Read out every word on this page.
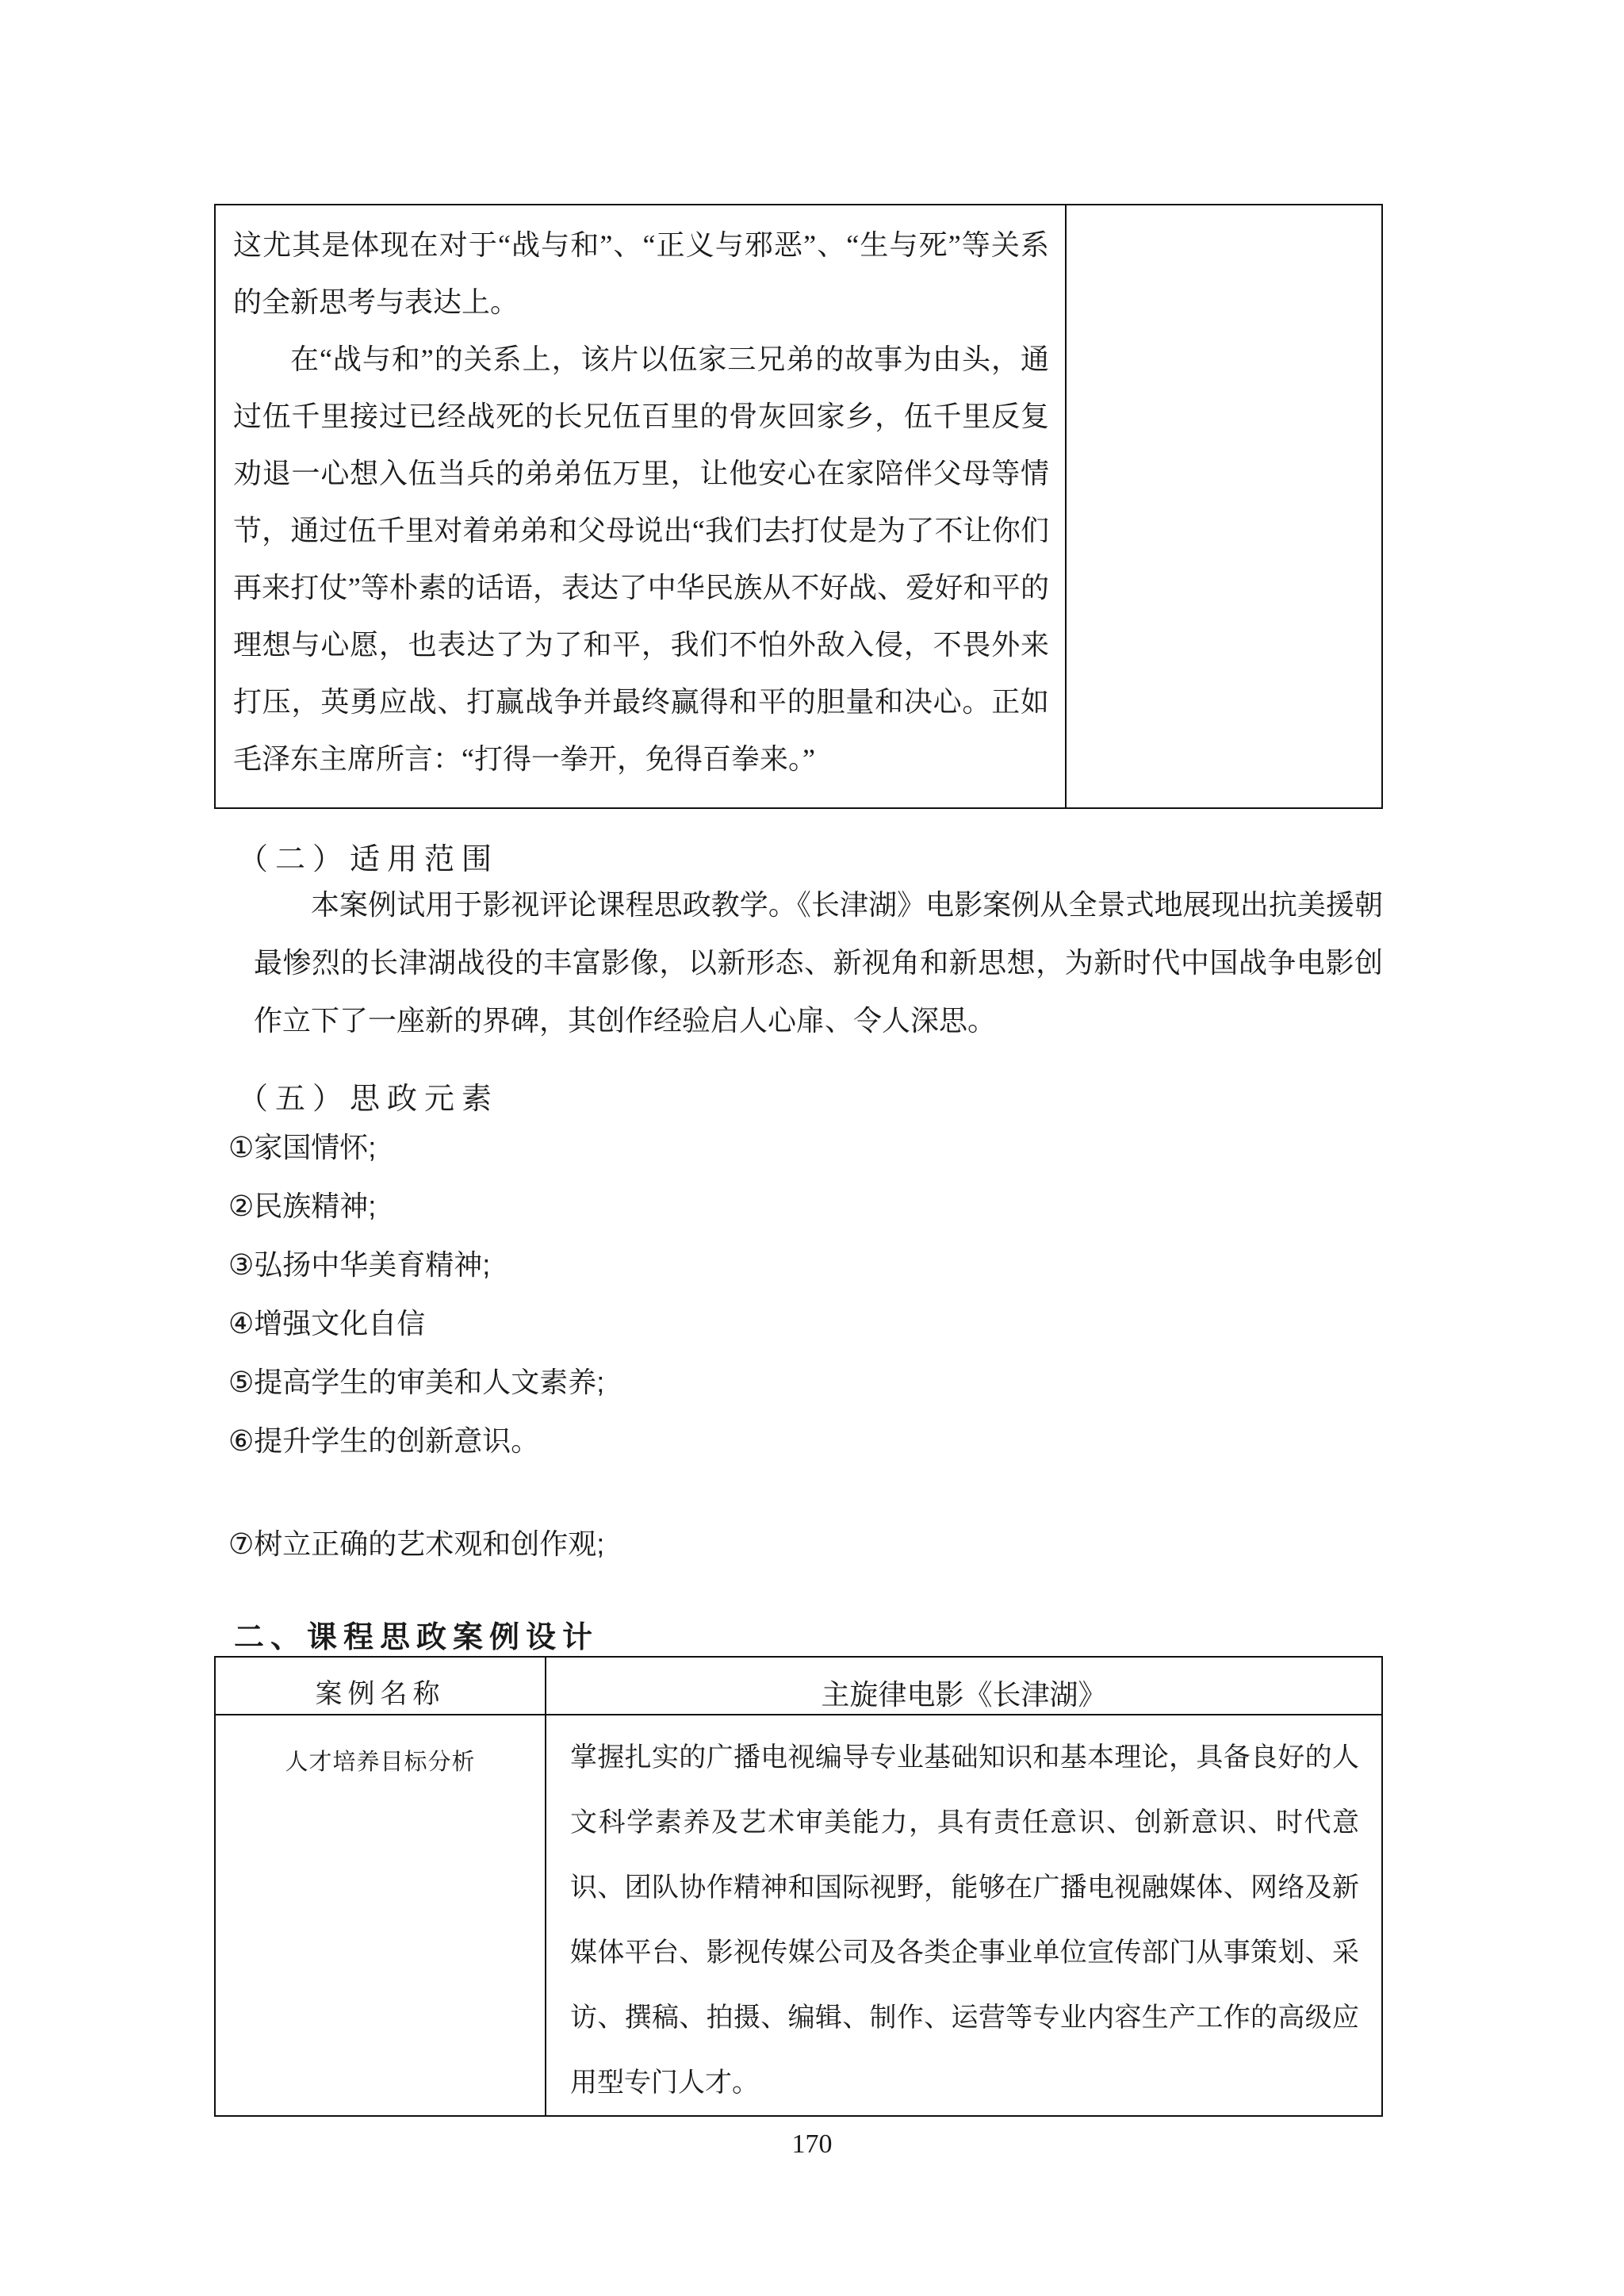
这尤其是体现在对于“战与和”、“正义与邪恶”、“生与死”等关系的全新思考与表达上。

在“战与和”的关系上，该片以伍家三兄弟的故事为由头，通过伍千里接过已经战死的长兄伍百里的骨灰回家乡，伍千里反复劝退一心想入伍当兵的弟弟伍万里，让他安心在家陪伴父母等情节，通过伍千里对着弟弟和父母说出“我们去打仗是为了不让你们再来打仗”等朴素的话语，表达了中华民族从不好战、爱好和平的理想与心愿，也表达了为了和平，我们不怕外敌入侵，不畏外来打压，英勇应战、打赢战争并最终赢得和平的胆量和决心。正如毛泽东主席所言：“打得一拳开，免得百拳来。”

（二）适用范围

本案例试用于影视评论课程思政教学。《长津湖》电影案例从全景式地展现出抗美援朝最惨烈的长津湖战役的丰富影像，以新形态、新视角和新思想，为新时代中国战争电影创作立下了一座新的界碑，其创作经验启人心扉、令人深思。

（五）思政元素
①家国情怀;
②民族精神;
③弘扬中华美育精神;
④增强文化自信
⑤提高学生的审美和人文素养;
⑥提升学生的创新意识。
⑦树立正确的艺术观和创作观;
二、课程思政案例设计
案例名称	主旋律电影《长津湖》
人才培养目标分析	掌握扎实的广播电视编导专业基础知识和基本理论，具备良好的人文科学素养及艺术审美能力，具有责任意识、创新意识、时代意识、团队协作精神和国际视野，能够在广播电视融媒体、网络及新媒体平台、影视传媒公司及各类企事业单位宣传部门从事策划、采访、撰稿、拍摄、编辑、制作、运营等专业内容生产工作的高级应用型专门人才。

170
